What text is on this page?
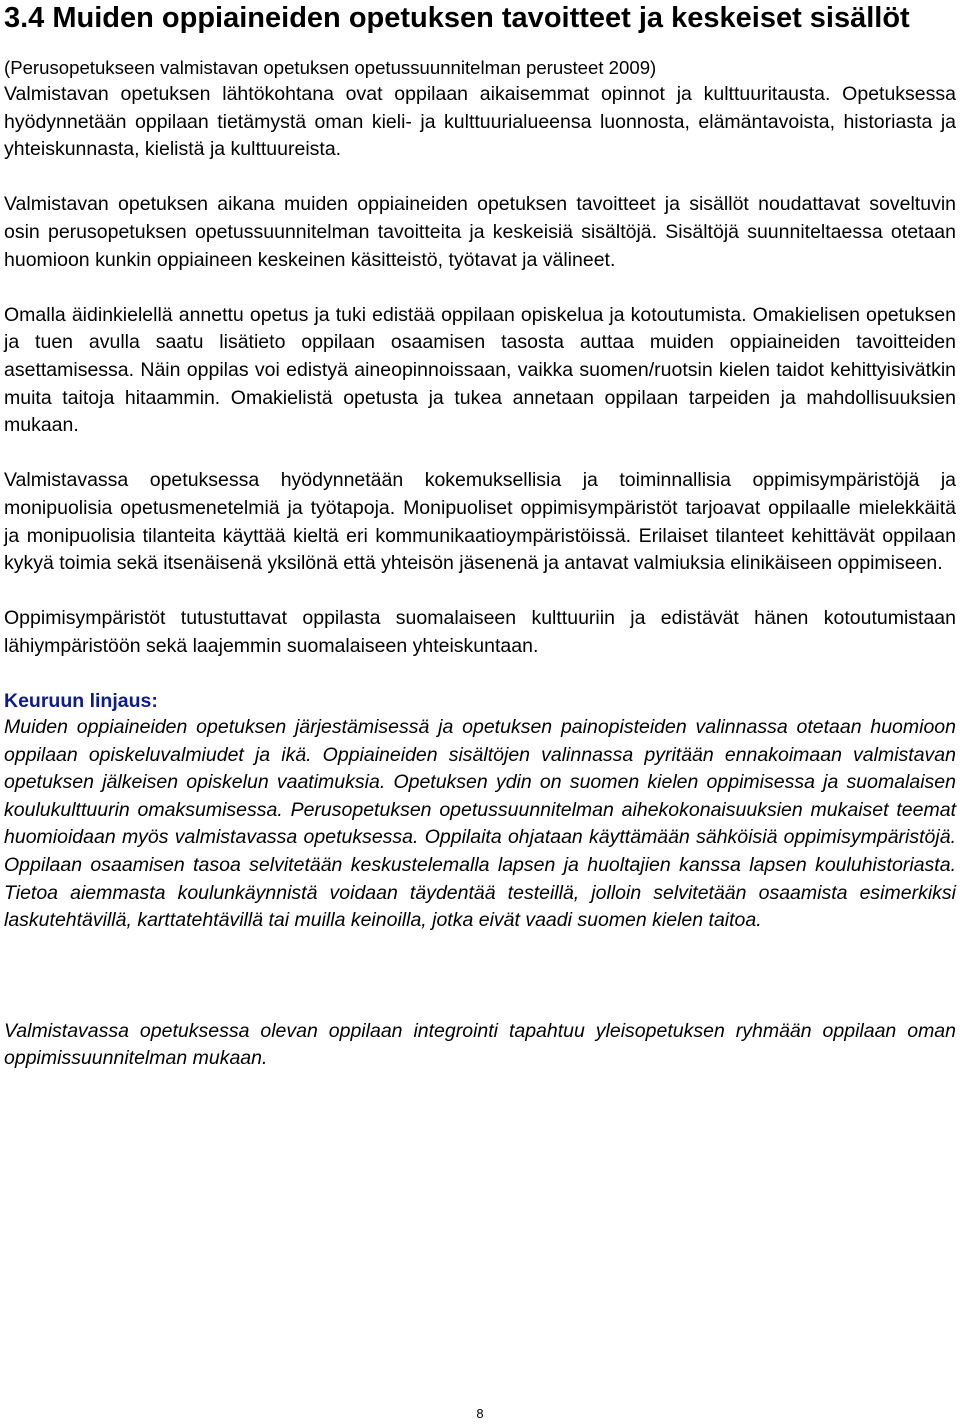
3.4 Muiden oppiaineiden opetuksen tavoitteet ja keskeiset sisällöt

(Perusopetukseen valmistavan opetuksen opetussuunnitelman perusteet 2009)

Valmistavan opetuksen lähtökohtana ovat oppilaan aikaisemmat opinnot ja kulttuuritausta. Opetuksessa hyödynnetään oppilaan tietämystä oman kieli- ja kulttuurialueensa luonnosta, elämäntavoista, historiasta ja yhteiskunnasta, kielistä ja kulttuureista.

Valmistavan opetuksen aikana muiden oppiaineiden opetuksen tavoitteet ja sisällöt noudattavat soveltuvin osin perusopetuksen opetussuunnitelman tavoitteita ja keskeisiä sisältöjä. Sisältöjä suunniteltaessa otetaan huomioon kunkin oppiaineen keskeinen käsitteistö, työtavat ja välineet.

Omalla äidinkielellä annettu opetus ja tuki edistää oppilaan opiskelua ja kotoutumista. Omakielisen opetuksen ja tuen avulla saatu lisätieto oppilaan osaamisen tasosta auttaa muiden oppiaineiden tavoitteiden asettamisessa. Näin oppilas voi edistyä aineopinnoissaan, vaikka suomen/ruotsin kielen taidot kehittyisivätkin muita taitoja hitaammin. Omakielistä opetusta ja tukea annetaan oppilaan tarpeiden ja mahdollisuuksien mukaan.

Valmistavassa opetuksessa hyödynnetään kokemuksellisia ja toiminnallisia oppimisympäristöjä ja monipuolisia opetusmenetelmiä ja työtapoja. Monipuoliset oppimisympäristöt tarjoavat oppilaalle mielekkäitä ja monipuolisia tilanteita käyttää kieltä eri kommunikaatioympäristöissä. Erilaiset tilanteet kehittävät oppilaan kykyä toimia sekä itsenäisenä yksilönä että yhteisön jäsenenä ja antavat valmiuksia elinikäiseen oppimiseen.

Oppimisympäristöt tutustuttavat oppilasta suomalaiseen kulttuuriin ja edistävät hänen kotoutumistaan lähiympäristöön sekä laajemmin suomalaiseen yhteiskuntaan.

Keuruun linjaus:

Muiden oppiaineiden opetuksen järjestämisessä ja opetuksen painopisteiden valinnassa otetaan huomioon oppilaan opiskeluvalmiudet ja ikä. Oppiaineiden sisältöjen valinnassa pyritään ennakoimaan valmistavan opetuksen jälkeisen opiskelun vaatimuksia. Opetuksen ydin on suomen kielen oppimisessa ja suomalaisen koulukulttuurin omaksumisessa. Perusopetuksen opetussuunnitelman aihekokonaisuuksien mukaiset teemat huomioidaan myös valmistavassa opetuksessa. Oppilaita ohjataan käyttämään sähköisiä oppimisympäristöjä. Oppilaan osaamisen tasoa selvitetään keskustelemalla lapsen ja huoltajien kanssa lapsen kouluhistoriasta. Tietoa aiemmasta koulunkäynnistä voidaan täydentää testeillä, jolloin selvitetään osaamista esimerkiksi laskutehtävillä, karttatehtävillä tai muilla keinoilla, jotka eivät vaadi suomen kielen taitoa.

Valmistavassa opetuksessa olevan oppilaan integrointi tapahtuu yleisopetuksen ryhmään oppilaan oman oppimissuunnitelman mukaan.

8
